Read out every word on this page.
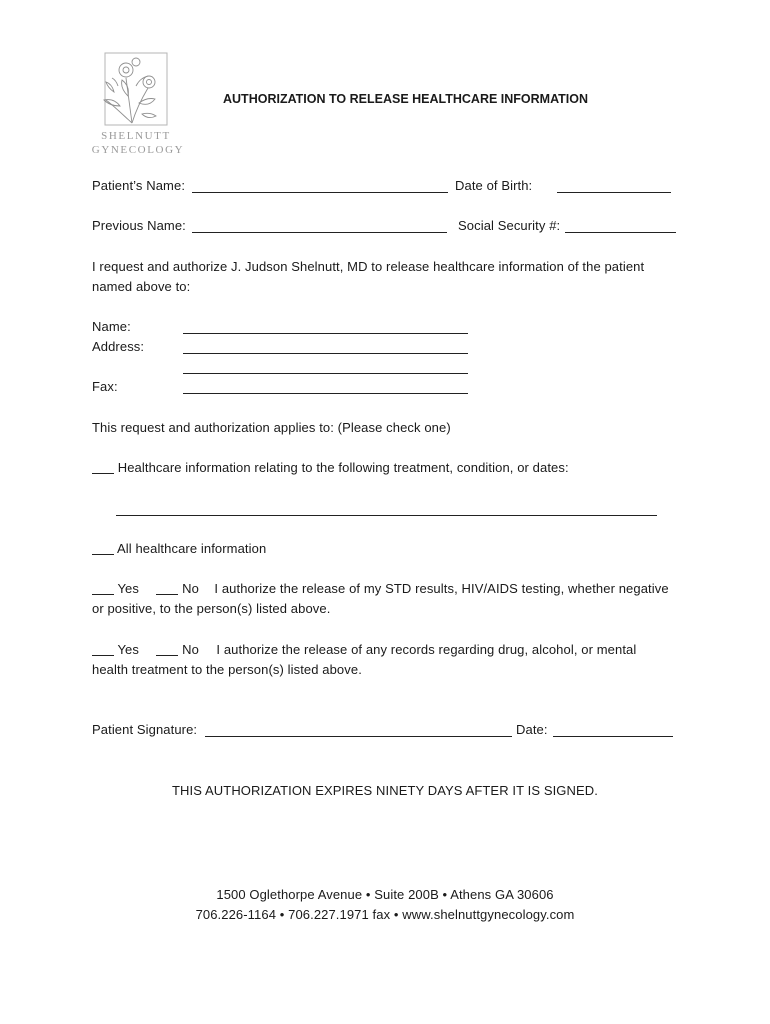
SHELNUTT
GYNECOLOGY
AUTHORIZATION TO RELEASE HEALTHCARE INFORMATION
Patient’s Name:	Date of Birth:
Previous Name:	Social Security #:
I request and authorize J. Judson Shelnutt, MD to release healthcare information of the patient
named above to:
Name:
Address:
Fax:
This request and authorization applies to: (Please check one)
Healthcare information relating to the following treatment, condition, or dates:
All healthcare information
Yes	No I authorize the release of my STD results, HIV/AIDS testing, whether negative
or positive, to the person(s) listed above.
Yes	No I authorize the release of any records regarding drug, alcohol, or mental
health treatment to the person(s) listed above.
Patient Signature:	Date:
THIS AUTHORIZATION EXPIRES NINETY DAYS AFTER IT IS SIGNED.
1500 Oglethorpe Avenue • Suite 200B • Athens GA 30606
706.226-1164 • 706.227.1971 fax • www.shelnuttgynecology.com
